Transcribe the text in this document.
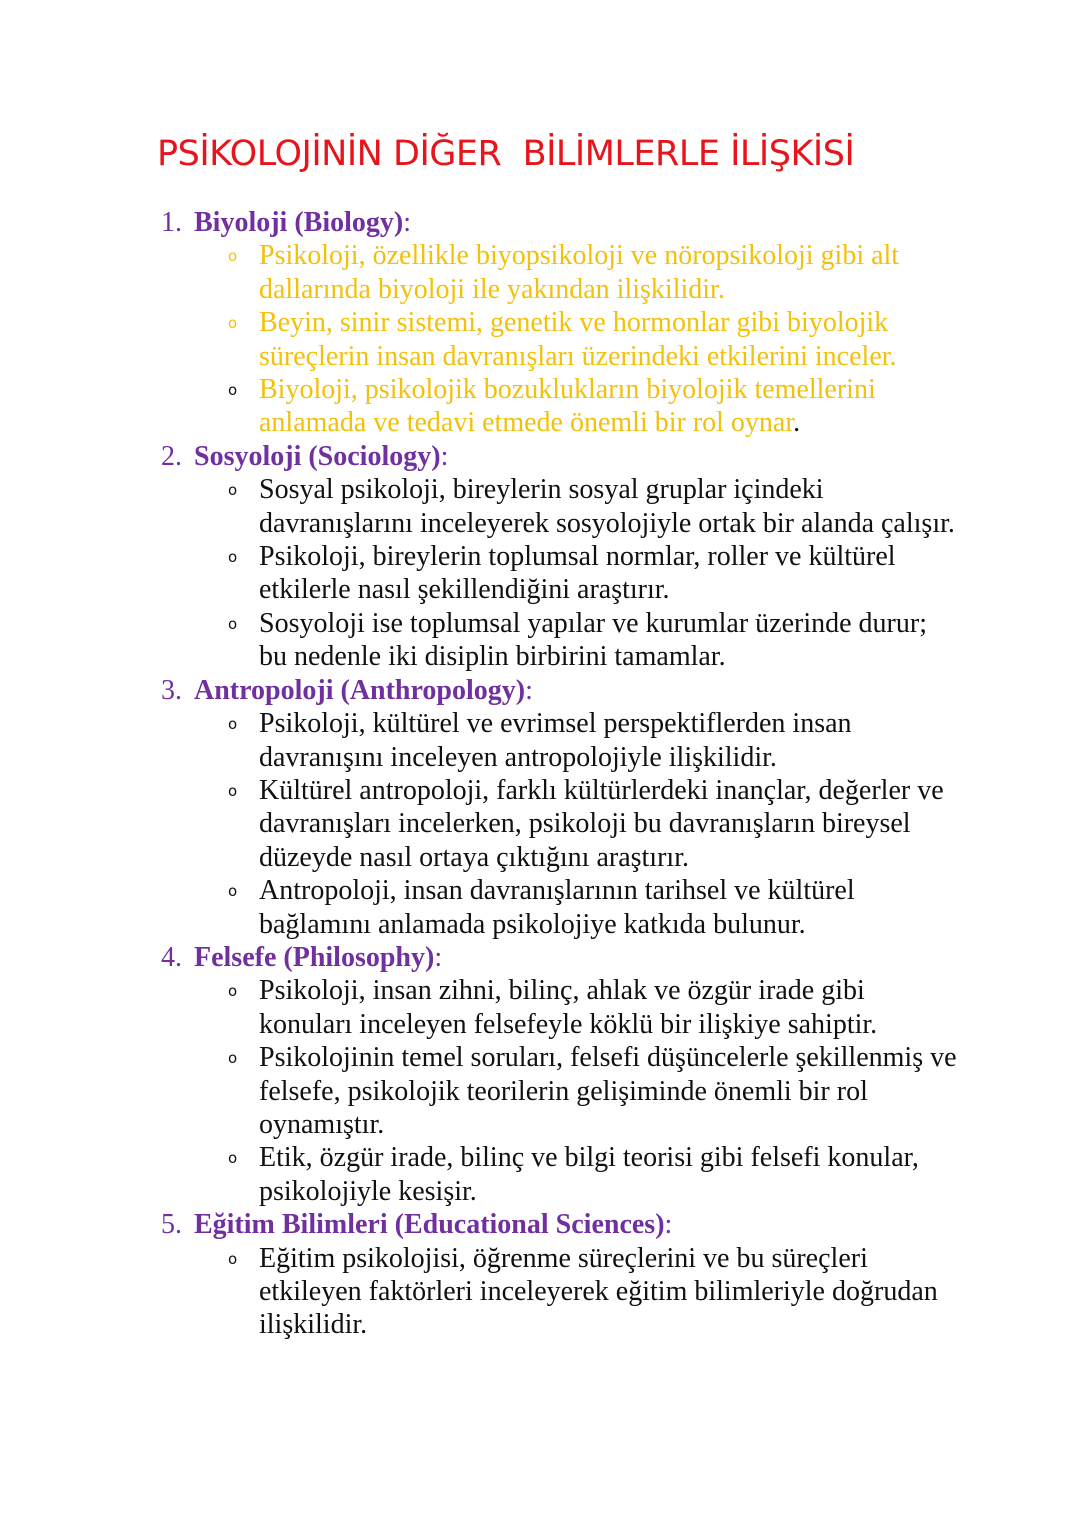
PSİKOLOJİNİN DİĞER  BİLİMLERLE İLİŞKİSİ
1. Biyoloji (Biology):
o Psikoloji, özellikle biyopsikoloji ve nöropsikoloji gibi alt dallarında biyoloji ile yakından ilişkilidir.
o Beyin, sinir sistemi, genetik ve hormonlar gibi biyolojik süreçlerin insan davranışları üzerindeki etkilerini inceler.
o Biyoloji, psikolojik bozuklukların biyolojik temellerini anlamada ve tedavi etmede önemli bir rol oynar.
2. Sosyoloji (Sociology):
o Sosyal psikoloji, bireylerin sosyal gruplar içindeki davranışlarını inceleyerek sosyolojiyle ortak bir alanda çalışır.
o Psikoloji, bireylerin toplumsal normlar, roller ve kültürel etkilerle nasıl şekillendiğini araştırır.
o Sosyoloji ise toplumsal yapılar ve kurumlar üzerinde durur; bu nedenle iki disiplin birbirini tamamlar.
3. Antropoloji (Anthropology):
o Psikoloji, kültürel ve evrimsel perspektiflerden insan davranışını inceleyen antropolojiyle ilişkilidir.
o Kültürel antropoloji, farklı kültürlerdeki inançlar, değerler ve davranışları incelerken, psikoloji bu davranışların bireysel düzeyde nasıl ortaya çıktığını araştırır.
o Antropoloji, insan davranışlarının tarihsel ve kültürel bağlamını anlamada psikolojiye katkıda bulunur.
4. Felsefe (Philosophy):
o Psikoloji, insan zihni, bilinç, ahlak ve özgür irade gibi konuları inceleyen felsefeyle köklü bir ilişkiye sahiptir.
o Psikolojinin temel soruları, felsefi düşüncelerle şekillenmiş ve felsefe, psikolojik teorilerin gelişiminde önemli bir rol oynamıştır.
o Etik, özgür irade, bilinç ve bilgi teorisi gibi felsefi konular, psikolojiyle kesişir.
5. Eğitim Bilimleri (Educational Sciences):
o Eğitim psikolojisi, öğrenme süreçlerini ve bu süreçleri etkileyen faktörleri inceleyerek eğitim bilimleriyle doğrudan ilişkilidir.
